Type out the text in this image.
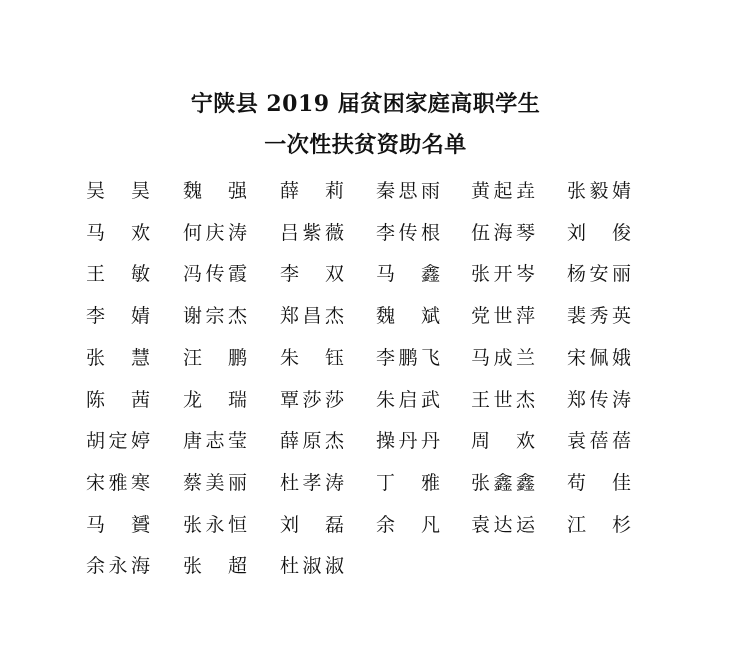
宁陕县 2019 届贫困家庭高职学生
一次性扶贫资助名单
吴 昊 魏 强 薛 莉 秦 思 雨 黄 起 垚 张 毅 婧
马 欢 何 庆 涛 吕 紫 薇 李 传 根 伍 海 琴 刘 俊
王 敏 冯 传 霞 李 双 马 鑫 张 开 岑 杨 安 丽
李 婧 谢 宗 杰 郑 昌 杰 魏 斌 党 世 萍 裴 秀 英
张 慧 汪 鹏 朱 钰 李 鹏 飞 马 成 兰 宋 佩 娥
陈 茜 龙 瑞 覃 莎 莎 朱 启 武 王 世 杰 郑 传 涛
胡 定 婷 唐 志 莹 薛 原 杰 操 丹 丹 周 欢 袁 蓓 蓓
宋 雅 寒 蔡 美 丽 杜 孝 涛 丁 雅 张 鑫 鑫 苟 佳
马 贇 张 永 恒 刘 磊 余 凡 袁 达 运 江 杉
余 永 海 张 超 杜 淑 淑
